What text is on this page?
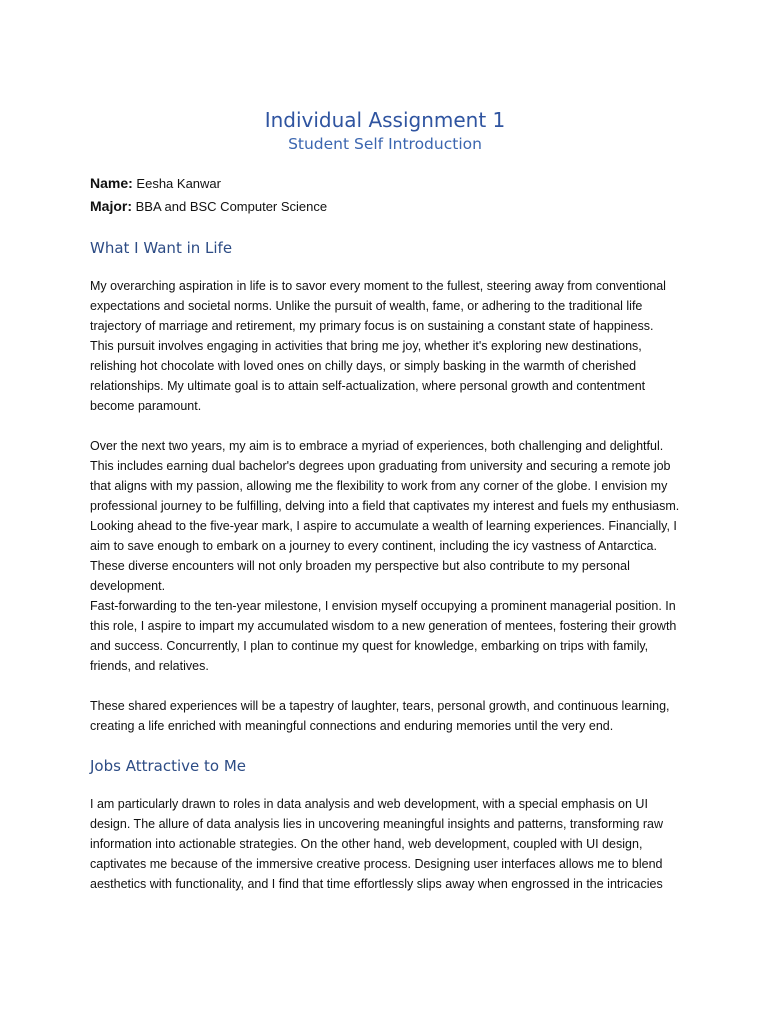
Individual Assignment 1
Student Self Introduction

Name: Eesha Kanwar

Major: BBA and BSC Computer Science

What I Want in Life

My overarching aspiration in life is to savor every moment to the fullest, steering away from conventional expectations and societal norms. Unlike the pursuit of wealth, fame, or adhering to the traditional life trajectory of marriage and retirement, my primary focus is on sustaining a constant state of happiness. This pursuit involves engaging in activities that bring me joy, whether it's exploring new destinations, relishing hot chocolate with loved ones on chilly days, or simply basking in the warmth of cherished relationships. My ultimate goal is to attain self-actualization, where personal growth and contentment become paramount.

Over the next two years, my aim is to embrace a myriad of experiences, both challenging and delightful. This includes earning dual bachelor's degrees upon graduating from university and securing a remote job that aligns with my passion, allowing me the flexibility to work from any corner of the globe. I envision my professional journey to be fulfilling, delving into a field that captivates my interest and fuels my enthusiasm.

Looking ahead to the five-year mark, I aspire to accumulate a wealth of learning experiences. Financially, I aim to save enough to embark on a journey to every continent, including the icy vastness of Antarctica. These diverse encounters will not only broaden my perspective but also contribute to my personal development.

Fast-forwarding to the ten-year milestone, I envision myself occupying a prominent managerial position. In this role, I aspire to impart my accumulated wisdom to a new generation of mentees, fostering their growth and success. Concurrently, I plan to continue my quest for knowledge, embarking on trips with family, friends, and relatives.

These shared experiences will be a tapestry of laughter, tears, personal growth, and continuous learning, creating a life enriched with meaningful connections and enduring memories until the very end.

Jobs Attractive to Me

I am particularly drawn to roles in data analysis and web development, with a special emphasis on UI design. The allure of data analysis lies in uncovering meaningful insights and patterns, transforming raw information into actionable strategies. On the other hand, web development, coupled with UI design, captivates me because of the immersive creative process. Designing user interfaces allows me to blend aesthetics with functionality, and I find that time effortlessly slips away when engrossed in the intricacies
